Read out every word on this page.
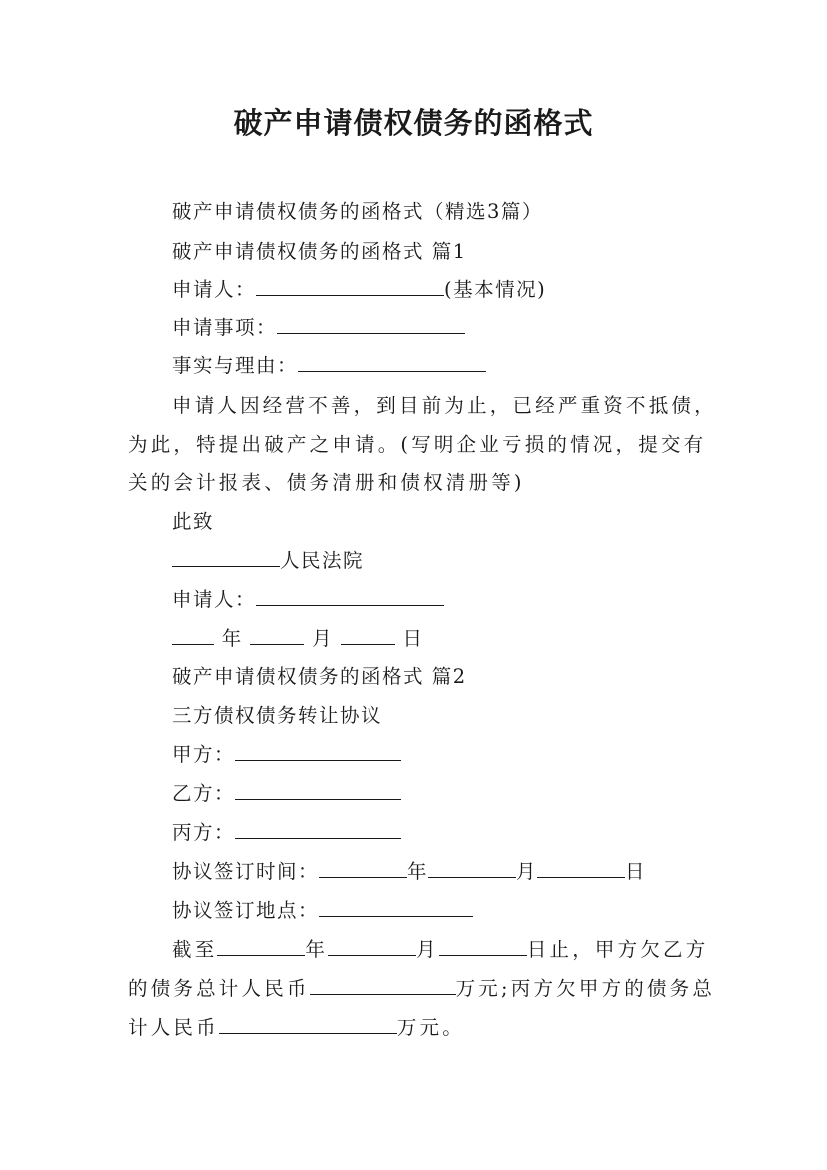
破产申请债权债务的函格式
破产申请债权债务的函格式（精选3篇）
破产申请债权债务的函格式 篇1
申请人：	(基本情况)
申请事项：
事实与理由：
申请人因经营不善，到目前为止，已经严重资不抵债，
为此，特提出破产之申请。(写明企业亏损的情况，提交有
关的会计报表、债务清册和债权清册等)
此致
人民法院
申请人：
年	月	日
破产申请债权债务的函格式 篇2
三方债权债务转让协议
甲方：
乙方：
丙方：
协议签订时间：	年	月	日
协议签订地点：
截至	年	月	日止，甲方欠乙方
的债务总计人民币	万元;丙方欠甲方的债务总
计人民币	万元。
